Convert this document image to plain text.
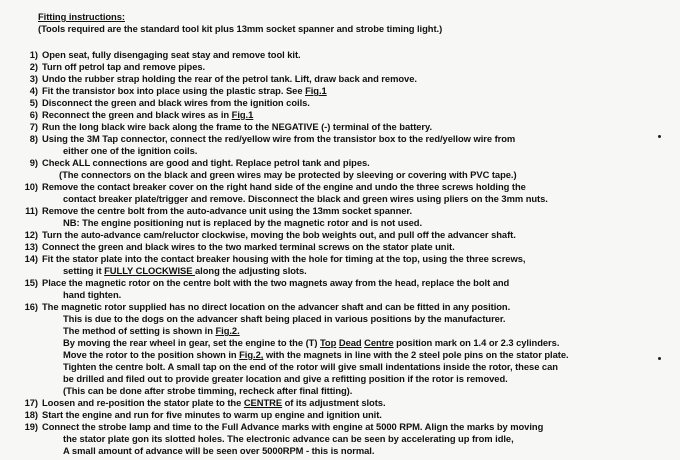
Fitting instructions:
(Tools required are the standard tool kit plus 13mm socket spanner and strobe timing light.)
1) Open seat, fully disengaging seat stay and remove tool kit.
2) Turn off petrol tap and remove pipes.
3) Undo the rubber strap holding the rear of the petrol tank. Lift, draw back and remove.
4) Fit the transistor box into place using the plastic strap. See Fig.1
5) Disconnect the green and black wires from the ignition coils.
6) Reconnect the green and black wires as in Fig.1
7) Run the long black wire back along the frame to the NEGATIVE (-) terminal of the battery.
8) Using the 3M Tap connector, connect the red/yellow wire from the transistor box to the red/yellow wire from
either one of the ignition coils.
9) Check ALL connections are good and tight. Replace petrol tank and pipes.
(The connectors on the black and green wires may be protected by sleeving or covering with PVC tape.)
10) Remove the contact breaker cover on the right hand side of the engine and undo the three screws holding the
contact breaker plate/trigger and remove. Disconnect the black and green wires using pliers on the 3mm nuts.
11) Remove the centre bolt from the auto-advance unit using the 13mm socket spanner.
NB: The engine positioning nut is replaced by the magnetic rotor and is not used.
12) Turn the auto-advance cam/reluctor clockwise, moving the bob weights out, and pull off the advancer shaft.
13) Connect the green and black wires to the two marked terminal screws on the stator plate unit.
14) Fit the stator plate into the contact breaker housing with the hole for timing at the top, using the three screws,
setting it FULLY CLOCKWISE along the adjusting slots.
15) Place the magnetic rotor on the centre bolt with the two magnets away from the head, replace the bolt and
hand tighten.
16) The magnetic rotor supplied has no direct location on the advancer shaft and can be fitted in any position.
This is due to the dogs on the advancer shaft being placed in various positions by the manufacturer.
The method of setting is shown in Fig.2.
By moving the rear wheel in gear, set the engine to the (T) Top Dead Centre position mark on 1.4 or 2.3 cylinders.
Move the rotor to the position shown in Fig.2, with the magnets in line with the 2 steel pole pins on the stator plate.
Tighten the centre bolt. A small tap on the end of the rotor will give small indentations inside the rotor, these can
be drilled and filed out to provide greater location and give a refitting position if the rotor is removed.
(This can be done after strobe timming, recheck after final fitting).
17) Loosen and re-position the stator plate to the CENTRE of its adjustment slots.
18) Start the engine and run for five minutes to warm up engine and ignition unit.
19) Connect the strobe lamp and time to the Full Advance marks with engine at 5000 RPM. Align the marks by moving
the stator plate gon its slotted holes. The electronic advance can be seen by accelerating up from idle,
A small amount of advance will be seen over 5000RPM - this is normal.
